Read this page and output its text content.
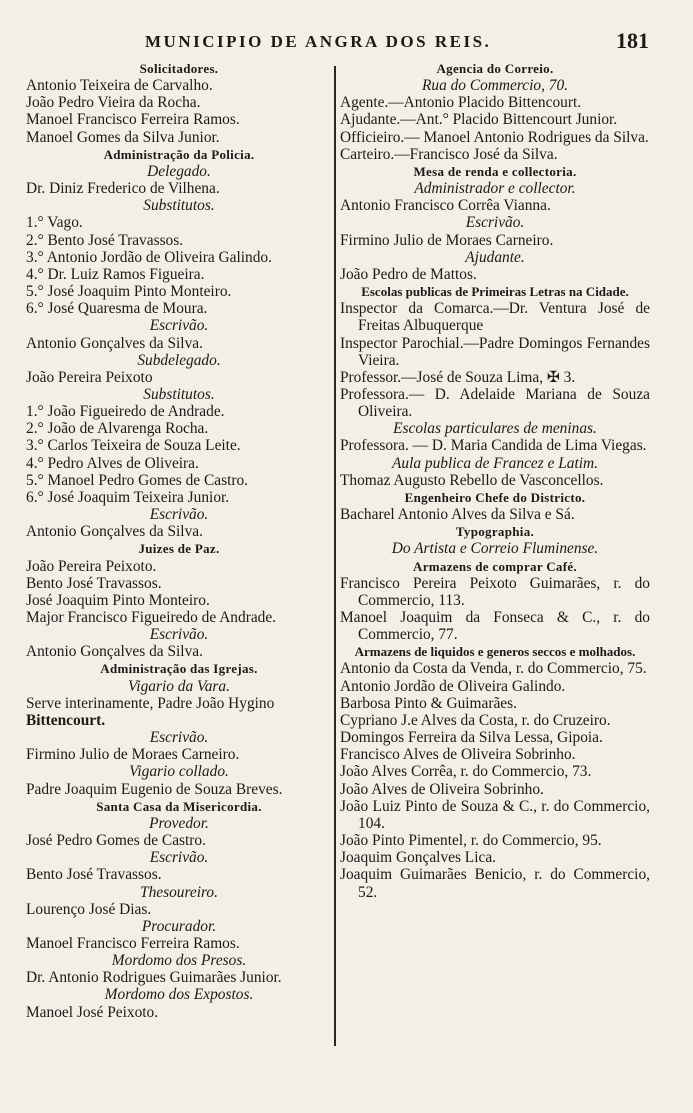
MUNICIPIO DE ANGRA DOS REIS.	181
Solicitadores.
Antonio Teixeira de Carvalho.
João Pedro Vieira da Rocha.
Manoel Francisco Ferreira Ramos.
Manoel Gomes da Silva Junior.
Administração da Policia.
Delegado.
Dr. Diniz Frederico de Vilhena.
Substitutos.
1.° Vago.
2.° Bento José Travassos.
3.° Antonio Jordão de Oliveira Galindo.
4.° Dr. Luiz Ramos Figueira.
5.° José Joaquim Pinto Monteiro.
6.° José Quaresma de Moura.
Escrivão.
Antonio Gonçalves da Silva.
Subdelegado.
João Pereira Peixoto
Substitutos.
1.° João Figueiredo de Andrade.
2.° João de Alvarenga Rocha.
3.° Carlos Teixeira de Souza Leite.
4.° Pedro Alves de Oliveira.
5.° Manoel Pedro Gomes de Castro.
6.° José Joaquim Teixeira Junior.
Escrivão.
Antonio Gonçalves da Silva.
Juizes de Paz.
João Pereira Peixoto.
Bento José Travassos.
José Joaquim Pinto Monteiro.
Major Francisco Figueiredo de Andrade.
Escrivão.
Antonio Gonçalves da Silva.
Administração das Igrejas.
Vigario da Vara.
Serve interinamente, Padre João Hygino
Bittencourt.
Escrivão.
Firmino Julio de Moraes Carneiro.
Vigario collado.
Padre Joaquim Eugenio de Souza Breves.
Santa Casa da Misericordia.
Provedor.
José Pedro Gomes de Castro.
Escrivão.
Bento José Travassos.
Thesoureiro.
Lourenço José Dias.
Procurador.
Manoel Francisco Ferreira Ramos.
Mordomo dos Presos.
Dr. Antonio Rodrigues Guimarães Junior.
Mordomo dos Expostos.
Manoel José Peixoto.
Agencia do Correio.
Rua do Commercio, 70.
Agente.—Antonio Placido Bittencourt.
Ajudante.—Ant.° Placido Bittencourt Junior.
Officieiro.— Manoel Antonio Rodrigues da Silva.
Carteiro.—Francisco José da Silva.
Mesa de renda e collectoria.
Administrador e collector.
Antonio Francisco Corrêa Vianna.
Escrivão.
Firmino Julio de Moraes Carneiro.
Ajudante.
João Pedro de Mattos.
Escolas publicas de Primeiras Letras na Cidade.
Inspector da Comarca.—Dr. Ventura José de Freitas Albuquerque
Inspector Parochial.—Padre Domingos Fernandes Vieira.
Professor.—José de Souza Lima, ✠ 3.
Professora.— D. Adelaide Mariana de Souza Oliveira.
Escolas particulares de meninas.
Professora. — D. Maria Candida de Lima Viegas.
Aula publica de Francez e Latim.
Thomaz Augusto Rebello de Vasconcellos.
Engenheiro Chefe do Districto.
Bacharel Antonio Alves da Silva e Sá.
Typographia.
Do Artista e Correio Fluminense.
Armazens de comprar Café.
Francisco Pereira Peixoto Guimarães, r. do Commercio, 113.
Manoel Joaquim da Fonseca & C., r. do Commercio, 77.
Armazens de liquidos e generos seccos e molhados.
Antonio da Costa da Venda, r. do Commercio, 75.
Antonio Jordão de Oliveira Galindo.
Barbosa Pinto & Guimarães.
Cypriano J.e Alves da Costa, r. do Cruzeiro.
Domingos Ferreira da Silva Lessa, Gipoia.
Francisco Alves de Oliveira Sobrinho.
João Alves Corrêa, r. do Commercio, 73.
João Alves de Oliveira Sobrinho.
João Luiz Pinto de Souza & C., r. do Commercio, 104.
João Pinto Pimentel, r. do Commercio, 95.
Joaquim Gonçalves Lica.
Joaquim Guimarães Benicio, r. do Commercio, 52.
